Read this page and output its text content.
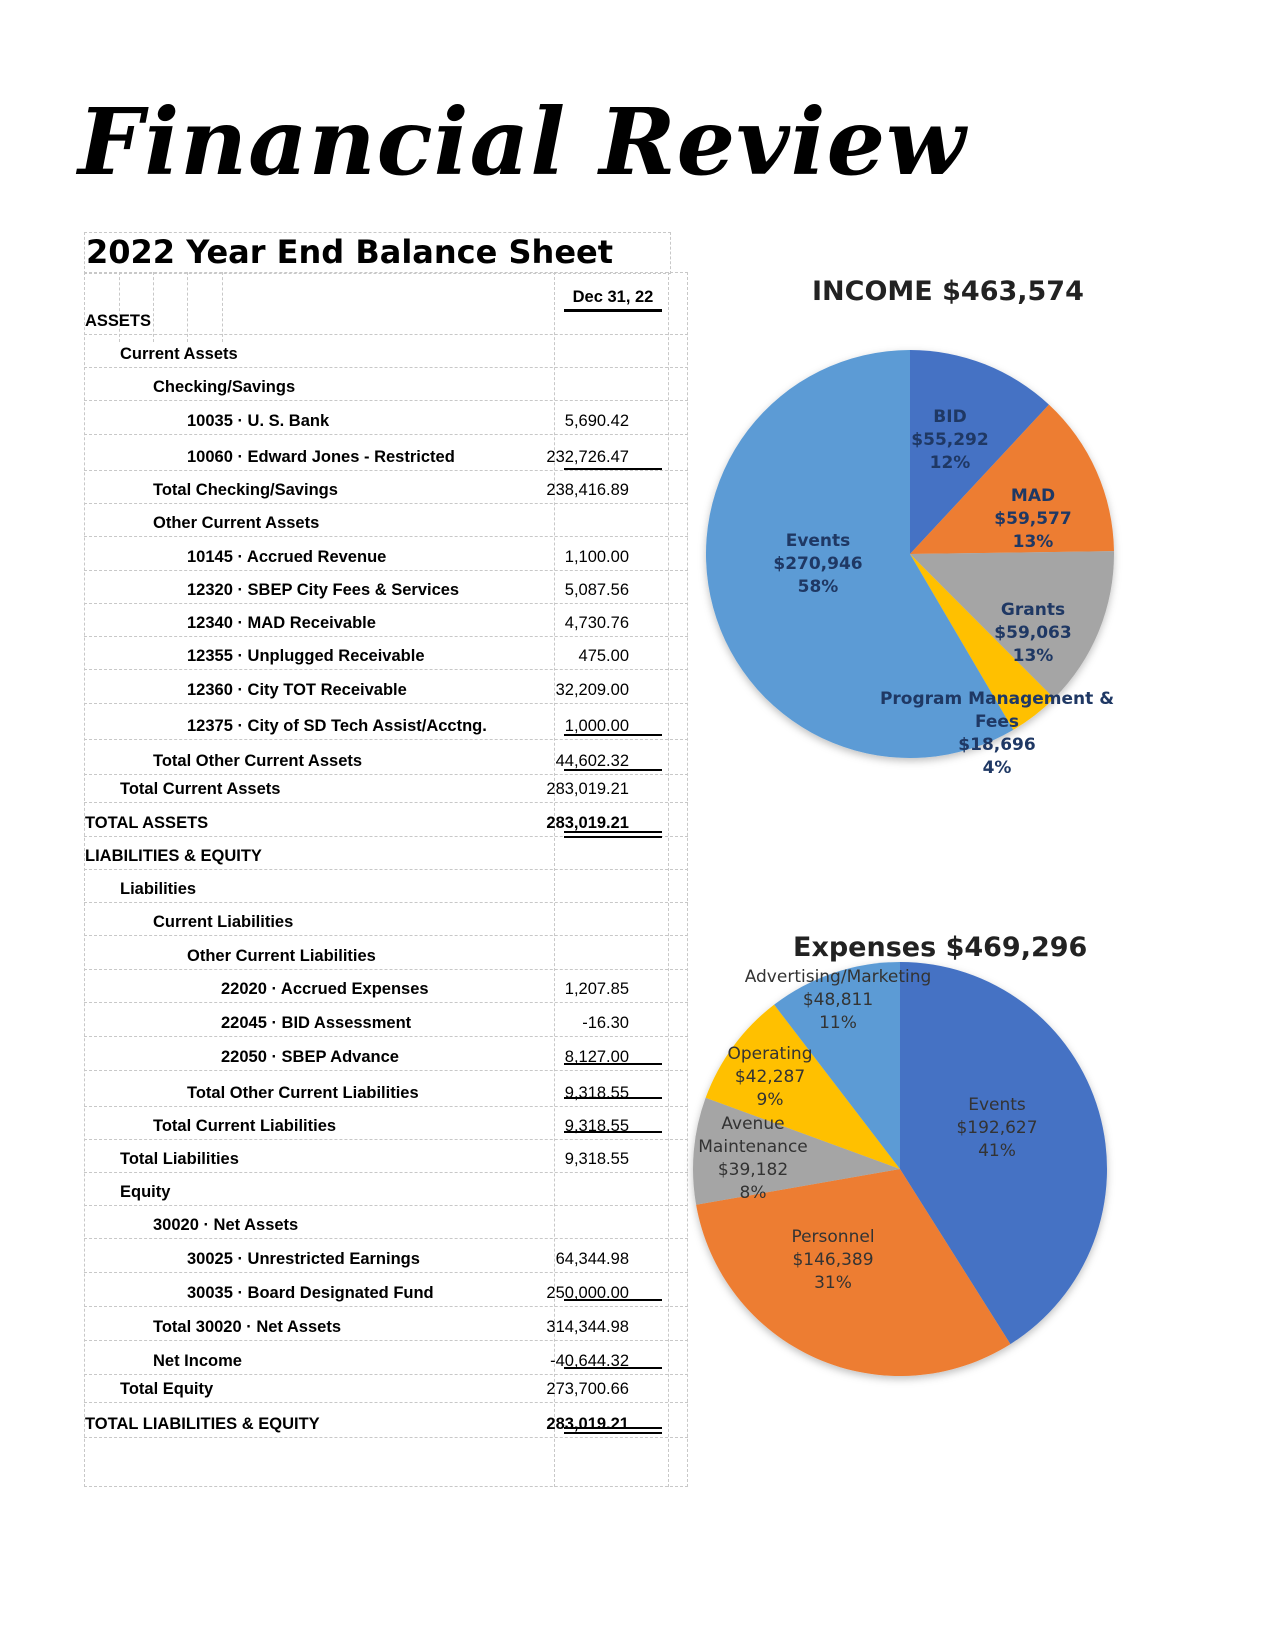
Financial Review
2022 Year End Balance Sheet
Dec 31, 22
ASSETS
Current Assets
Checking/Savings
10035 · U. S. Bank	5,690.42
10060 · Edward Jones - Restricted	232,726.47
Total Checking/Savings	238,416.89
Other Current Assets
10145 · Accrued Revenue	1,100.00
12320 · SBEP City Fees & Services	5,087.56
12340 · MAD Receivable	4,730.76
12355 · Unplugged Receivable	475.00
12360 · City TOT Receivable	32,209.00
12375 · City of SD Tech Assist/Acctng.	1,000.00
Total Other Current Assets	44,602.32
Total Current Assets	283,019.21
TOTAL ASSETS	283,019.21
LIABILITIES & EQUITY
Liabilities
Current Liabilities
Other Current Liabilities
22020 · Accrued Expenses	1,207.85
22045 · BID Assessment	-16.30
22050 · SBEP Advance	8,127.00
Total Other Current Liabilities	9,318.55
Total Current Liabilities	9,318.55
Total Liabilities	9,318.55
Equity
30020 · Net Assets
30025 · Unrestricted Earnings	64,344.98
30035 · Board Designated Fund	250,000.00
Total 30020 · Net Assets	314,344.98
Net Income	-40,644.32
Total Equity	273,700.66
TOTAL LIABILITIES & EQUITY	283,019.21
INCOME $463,574
BID $55,292 12%
MAD $59,577 13%
Grants $59,063 13%
Program Management & Fees $18,696 4%
Events $270,946 58%
Expenses $469,296
Events $192,627 41%
Personnel $146,389 31%
Avenue Maintenance $39,182 8%
Operating $42,287 9%
Advertising/Marketing $48,811 11%
